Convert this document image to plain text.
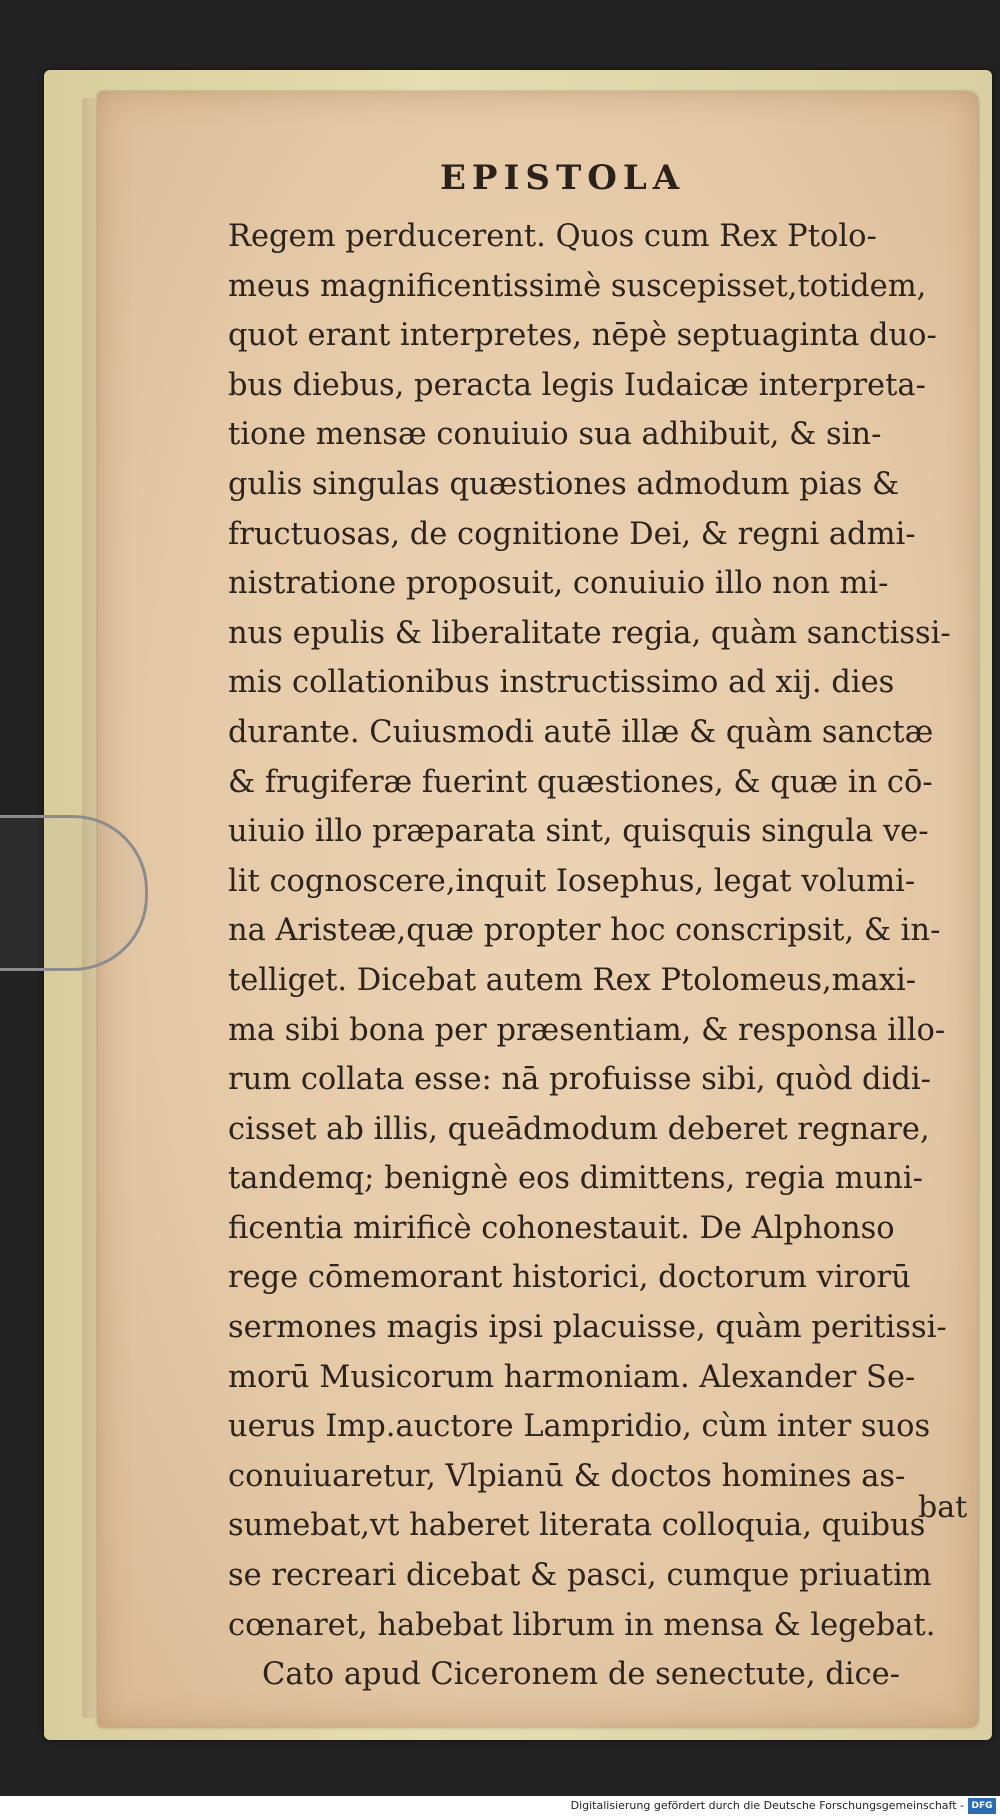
EPISTOLA
Regem perducerent. Quos cum Rex Ptolo-
meus magnificentissimè suscepisset,totidem,
quot erant interpretes, nēpè septuaginta duo-
bus diebus, peracta legis Iudaicæ interpreta-
tione mensæ conuiuio sua adhibuit, & sin-
gulis singulas quæstiones admodum pias &
fructuosas, de cognitione Dei, & regni admi-
nistratione proposuit, conuiuio illo non mi-
nus epulis & liberalitate regia, quàm sanctissi-
mis collationibus instructissimo ad xij. dies
durante. Cuiusmodi autē illæ & quàm sanctæ
& frugiferæ fuerint quæstiones, & quæ in cō-
uiuio illo præparata sint, quisquis singula ve-
lit cognoscere,inquit Iosephus, legat volumi-
na Aristeæ,quæ propter hoc conscripsit, & in-
telliget. Dicebat autem Rex Ptolomeus,maxi-
ma sibi bona per præsentiam, & responsa illo-
rum collata esse: nā profuisse sibi, quòd didi-
cisset ab illis, queādmodum deberet regnare,
tandemq; benignè eos dimittens, regia muni-
ficentia mirificè cohonestauit. De Alphonso
rege cōmemorant historici, doctorum virorū
sermones magis ipsi placuisse, quàm peritissi-
morū Musicorum harmoniam. Alexander Se-
uerus Imp.auctore Lampridio, cùm inter suos
conuiuaretur, Vlpianū & doctos homines as-
sumebat,vt haberet literata colloquia, quibus
se recreari dicebat & pasci, cumque priuatim
cœnaret, habebat librum in mensa & legebat.
Cato apud Ciceronem de senectute, dice-
bat
Digitalisierung gefördert durch die Deutsche Forschungsgemeinschaft - DFG
